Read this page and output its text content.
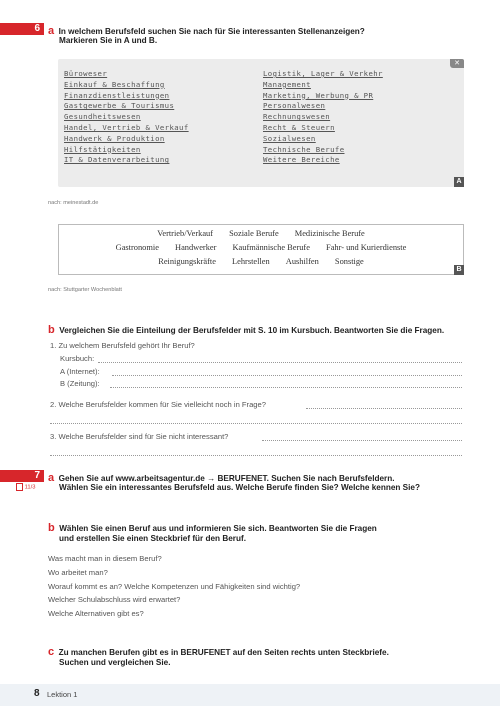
6 a In welchem Berufsfeld suchen Sie nach für Sie interessanten Stellenanzeigen?
Markieren Sie in A und B.
Büroweser
Einkauf & Beschaffung
Finanzdienstleistungen
Gastgewerbe & Tourismus
Gesundheitswesen
Handel, Vertrieb & Verkauf
Handwerk & Produktion
Hilfstätigkeiten
IT & Datenverarbeitung
Logistik, Lager & Verkehr
Management
Marketing, Werbung & PR
Personalwesen
Rechnungswesen
Recht & Steuern
Sozialwesen
Technische Berufe
Weitere Bereiche
✕
A
nach: meinestadt.de
Vertrieb/Verkauf Soziale Berufe Medizinische Berufe
Gastronomie Handwerker Kaufmännische Berufe Fahr- und Kurierdienste
Reinigungskräfte Lehrstellen Aushilfen Sonstige
B
nach: Stuttgarter Wochenblatt
b Vergleichen Sie die Einteilung der Berufsfelder mit S. 10 im Kursbuch. Beantworten Sie die Fragen.
1. Zu welchem Berufsfeld gehört Ihr Beruf?
Kursbuch:
A (Internet):
B (Zeitung):
2. Welche Berufsfelder kommen für Sie vielleicht noch in Frage?
3. Welche Berufsfelder sind für Sie nicht interessant?
7 a Gehen Sie auf www.arbeitsagentur.de → BERUFENET. Suchen Sie nach Berufsfeldern.
11/3	Wählen Sie ein interessantes Berufsfeld aus. Welche Berufe finden Sie? Welche kennen Sie?
b Wählen Sie einen Beruf aus und informieren Sie sich. Beantworten Sie die Fragen
und erstellen Sie einen Steckbrief für den Beruf.
Was macht man in diesem Beruf?
Wo arbeitet man?
Worauf kommt es an? Welche Kompetenzen und Fähigkeiten sind wichtig?
Welcher Schulabschluss wird erwartet?
Welche Alternativen gibt es?
c Zu manchen Berufen gibt es in BERUFENET auf den Seiten rechts unten Steckbriefe.
Suchen und vergleichen Sie.
8 Lektion 1
